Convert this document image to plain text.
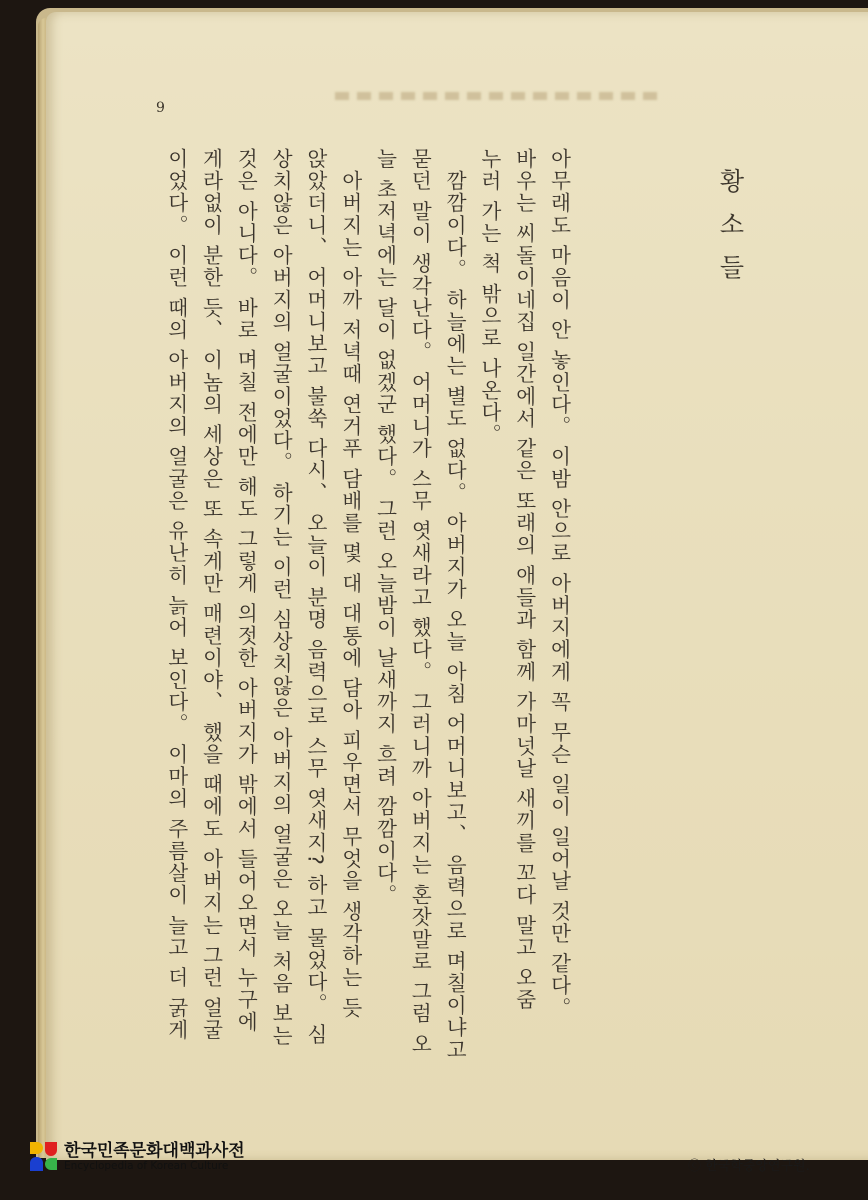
9
황소들
아무래도 마음이 안 놓인다。 이밤 안으로 아버지에게 꼭 무슨 일이 일어날 것만 같다。
바우는 씨돌이네집 일간에서 같은 또래의 애들과 함께 가마넛날 새끼를 꼬다 말고 오줌
누러 가는 척 밖으로 나온다。
　깜깜이다。 하늘에는 별도 없다。 아버지가 오늘 아침 어머니보고、 음력으로 며칠이냐고
묻던 말이 생각난다。 어머니가 스무 엿새라고 했다。 그러니까 아버지는 혼잣말로 그럼 오
늘 초저녁에는 달이 없겠군 했다。 그런 오늘밤이 날새까지 흐려 깜깜이다。
　아버지는 아까 저녁때 연거푸 담배를 몇 대 대통에 담아 피우면서 무엇을 생각하는 듯
앉았더니、 어머니보고 불쑥 다시、 오늘이 분명 음력으로 스무 엿새지? 하고 물었다。 심
상치않은 아버지의 얼굴이었다。 하기는 이런 심상치않은 아버지의 얼굴은 오늘 처음 보는
것은 아니다。 바로 며칠 전에만 해도 그렇게 의젓한 아버지가 밖에서 들어오면서 누구에
게라없이 분한 듯、 이놈의 세상은 또 속게만 매련이야、 했을 때에도 아버지는 그런 얼굴
이었다。 이런 때의 아버지의 얼굴은 유난히 늙어 보인다。 이마의 주름살이 늘고 더 굵게
한국민족문화대백과사전
Encyclopedia of Korean Culture	ⓒ 한국학중앙연구원.
